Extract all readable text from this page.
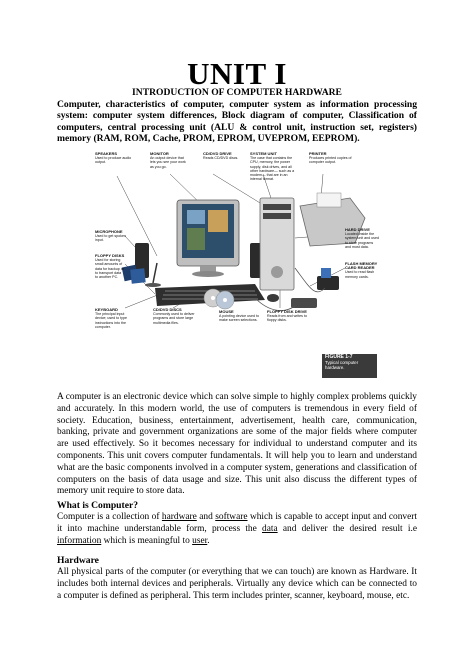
UNIT I
INTRODUCTION OF COMPUTER HARDWARE
Computer, characteristics of computer, computer system as information processing system: computer system differences, Block diagram of computer, Classification of computers, central processing unit (ALU & control unit, instruction set, registers) memory (RAM, ROM, Cache, PROM, EPROM, UVEPROM, EEPROM).
SPEAKERS
Used to produce audio output.
MONITOR
An output device that lets you see your work as you go.
CD/DVD DRIVE
Reads CD/DVD discs.
SYSTEM UNIT
The case that contains the CPU, memory, the power supply, disk drives, and all other hardware— such as a modem— that are in an internal format.
PRINTER
Produces printed copies of computer output.
MICROPHONE
Used to get spoken input.
FLOPPY DISKS
Used for storing small amounts of data for backup or to transport data to another PC.
HARD DRIVE
Located inside the system unit and used to store programs and most data.
FLASH MEMORY CARD READER
Used to read flash memory cards.
KEYBOARD
The principal input device; used to type instructions into the computer.
CD/DVD DISCS
Commonly used to deliver programs and store large multimedia files.
MOUSE
A pointing device used to make screen selections.
FLOPPY DISK DRIVE
Reads from and writes to floppy disks.
FIGURE 1-7
Typical computer hardware.
A computer is an electronic device which can solve simple to highly complex problems quickly and accurately. In this modern world, the use of computers is tremendous in every field of society. Education, business, entertainment, advertisement, health care, communication, banking, private and government organizations are some of the major fields where computer are used effectively. So it becomes necessary for individual to understand computer and its components. This unit covers computer fundamentals. It will help you to learn and understand what are the basic components involved in a computer system, generations and classification of computers on the basis of data usage and size. This unit also discuss the different types of memory unit require to store data.
What is Computer?
Computer is a collection of hardware and software which is capable to accept input and convert it into machine understandable form, process the data and deliver the desired result i.e information which is meaningful to user.
Hardware
All physical parts of the computer (or everything that we can touch) are known as Hardware. It includes both internal devices and peripherals. Virtually any device which can be connected to a computer is defined as peripheral. This term includes printer, scanner, keyboard, mouse, etc.
